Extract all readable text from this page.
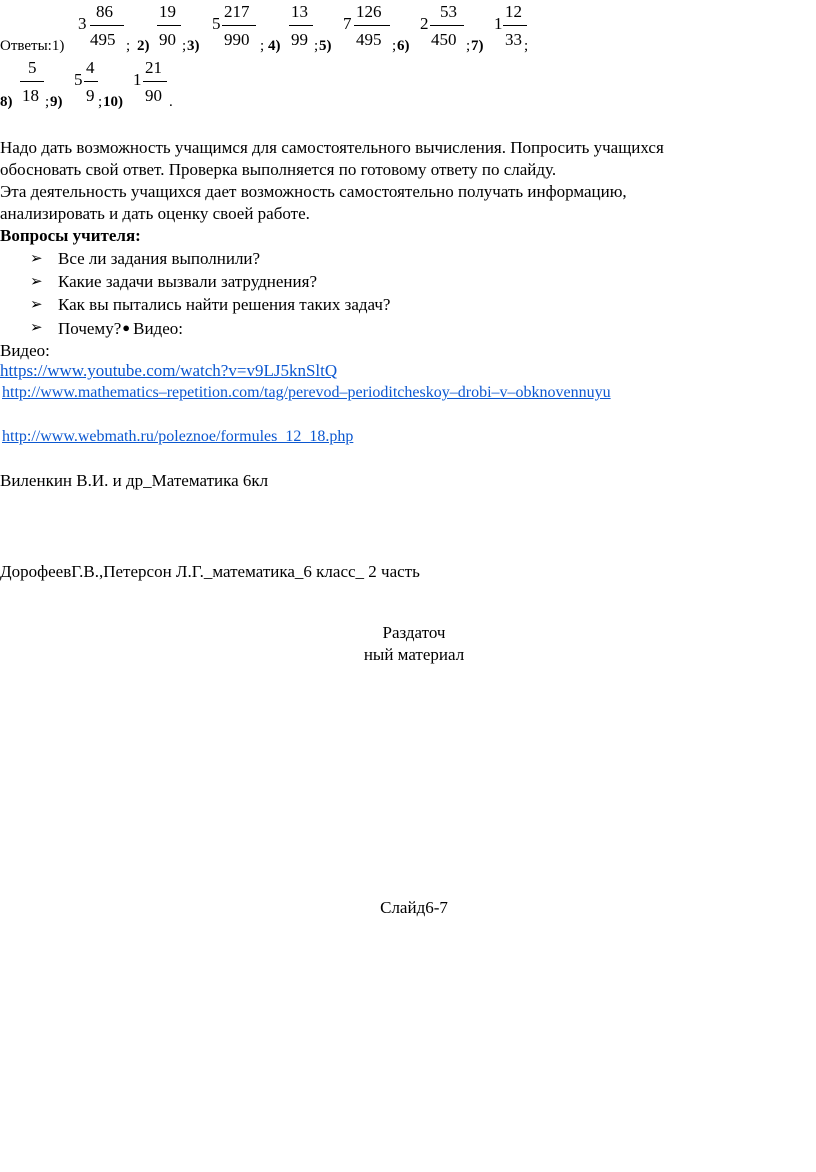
Ответы:1)
3
86
495 ; 2)
19
90 ; 3)
5
217
990 ; 4)
13
99 ; 5)
7
126
495 ; 6)
2
53
450 ; 7)
1
12
33 ;
8)
5
18 ; 9)
5
4
9 ; 10)
1
21
90 .
Надо дать возможность учащимся для самостоятельного вычисления. Попросить учащихся
обосновать свой ответ. Проверка выполняется по готовому ответу по слайду.
Эта деятельность учащихся дает возможность самостоятельно получать информацию,
анализировать и дать оценку своей работе.
Вопросы учителя:
➢ Все ли задания выполнили?
➢ Какие задачи вызвали затруднения?
➢ Как вы пытались найти решения таких задач?
➢ Почему?● Видео:
Видео:
https://www.youtube.com/watch?v=v9LJ5knSltQ
http://www.mathematics–repetition.com/tag/perevod–perioditcheskoy–drobi–v–obknovennuyu
http://www.webmath.ru/poleznoe/formules_12_18.php
Виленкин В.И. и др_Математика 6кл
ДорофеевГ.В.,Петерсон Л.Г._математика_6 класс_ 2 часть
Раздаточ
ный материал
Слайд6-7
